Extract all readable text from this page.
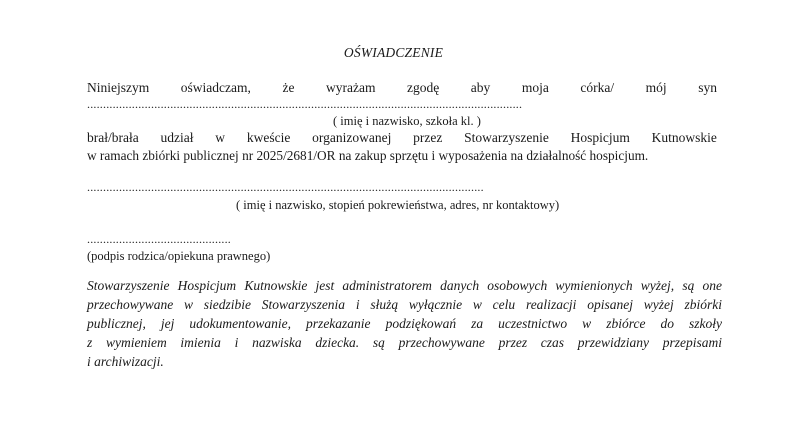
OŚWIADCZENIE
Niniejszym oświadczam, że wyrażam zgodę aby moja córka/ mój syn
........................................................................................................................................
( imię i nazwisko, szkoła kl. )
brał/brała udział w kweście organizowanej przez Stowarzyszenie Hospicjum Kutnowskie
w ramach zbiórki publicznej nr 2025/2681/OR na zakup sprzętu i wyposażenia na działalność hospicjum.
............................................................................................................................
( imię i nazwisko, stopień pokrewieństwa, adres, nr kontaktowy)
.............................................
(podpis rodzica/opiekuna prawnego)
Stowarzyszenie Hospicjum Kutnowskie jest administratorem danych osobowych wymienionych wyżej, są one
przechowywane w siedzibie Stowarzyszenia i służą wyłącznie w celu realizacji opisanej wyżej zbiórki
publicznej, jej udokumentowanie, przekazanie podziękowań za uczestnictwo w zbiórce do szkoły
z wymieniem imienia i nazwiska dziecka. są przechowywane przez czas przewidziany przepisami
i archiwizacji.
